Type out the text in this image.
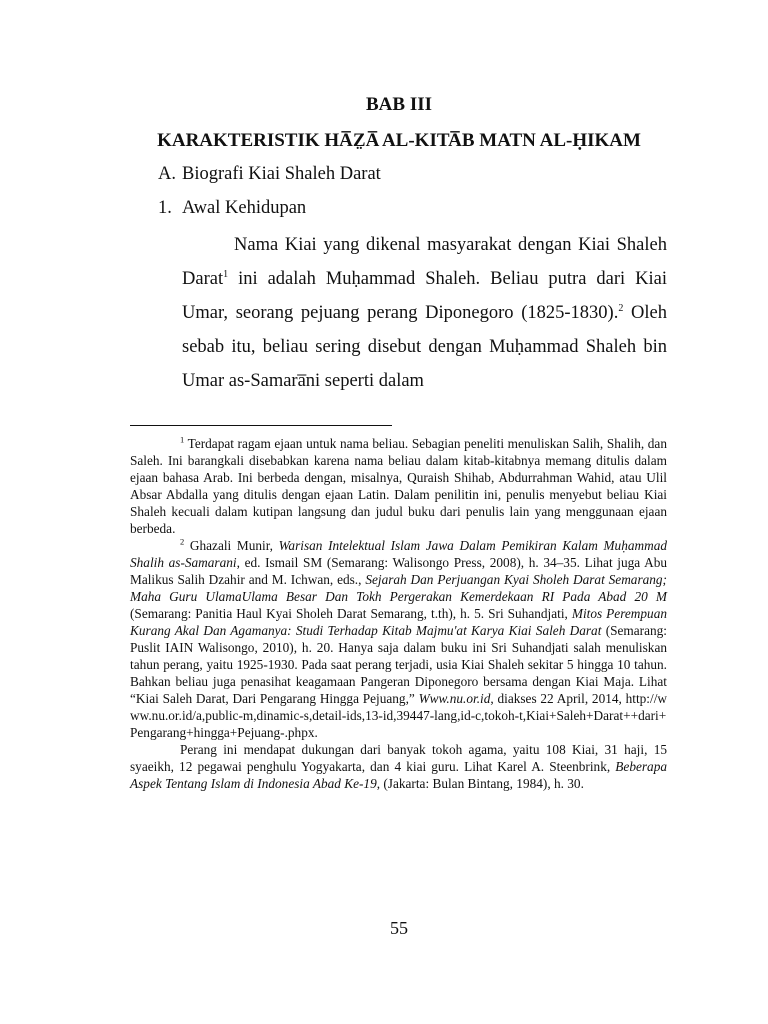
BAB III
KARAKTERISTIK HA̅Z̤A̅ AL-KITA̅B MATN AL-ḤIKAM
A. Biografi Kiai Shaleh Darat
1. Awal Kehidupan

Nama Kiai yang dikenal masyarakat dengan Kiai Shaleh Darat$^1$ ini adalah Muḥammad Shaleh. Beliau putra dari Kiai Umar, seorang pejuang perang Diponegoro (1825-1830).$^2$ Oleh sebab itu, beliau sering disebut dengan Muḥammad Shaleh bin Umar as-Samara̅ni seperti dalam

$^1$ Terdapat ragam ejaan untuk nama beliau. Sebagian peneliti menuliskan Salih, Shalih, dan Saleh. Ini barangkali disebabkan karena nama beliau dalam kitab-kitabnya memang ditulis dalam ejaan bahasa Arab. Ini berbeda dengan, misalnya, Quraish Shihab, Abdurrahman Wahid, atau Ulil Absar Abdalla yang ditulis dengan ejaan Latin. Dalam penilitin ini, penulis menyebut beliau Kiai Shaleh kecuali dalam kutipan langsung dan judul buku dari penulis lain yang menggunaan ejaan berbeda.

$^2$ Ghazali Munir, Warisan Intelektual Islam Jawa Dalam Pemikiran Kalam Muḥammad Shalih as-Samarani, ed. Ismail SM (Semarang: Walisongo Press, 2008), h. 34–35. Lihat juga Abu Malikus Salih Dzahir and M. Ichwan, eds., Sejarah Dan Perjuangan Kyai Sholeh Darat Semarang; Maha Guru UlamaUlama Besar Dan Tokh Pergerakan Kemerdekaan RI Pada Abad 20 M (Semarang: Panitia Haul Kyai Sholeh Darat Semarang, t.th), h. 5. Sri Suhandjati, Mitos Perempuan Kurang Akal Dan Agamanya: Studi Terhadap Kitab Majmu'at Karya Kiai Saleh Darat (Semarang: Puslit IAIN Walisongo, 2010), h. 20. Hanya saja dalam buku ini Sri Suhandjati salah menuliskan tahun perang, yaitu 1925-1930. Pada saat perang terjadi, usia Kiai Shaleh sekitar 5 hingga 10 tahun. Bahkan beliau juga penasihat keagamaan Pangeran Diponegoro bersama dengan Kiai Maja. Lihat “Kiai Saleh Darat, Dari Pengarang Hingga Pejuang,” Www.nu.or.id, diakses 22 April, 2014, http://www.nu.or.id/a,public-m,dinamic-s,detail-ids,13-id,39447-lang,id-c,tokoh-t,Kiai+Saleh+Darat++dari+Pengarang+hingga+Pejuang-.phpx.

Perang ini mendapat dukungan dari banyak tokoh agama, yaitu 108 Kiai, 31 haji, 15 syaeikh, 12 pegawai penghulu Yogyakarta, dan 4 kiai guru. Lihat Karel A. Steenbrink, Beberapa Aspek Tentang Islam di Indonesia Abad Ke-19, (Jakarta: Bulan Bintang, 1984), h. 30.

55
